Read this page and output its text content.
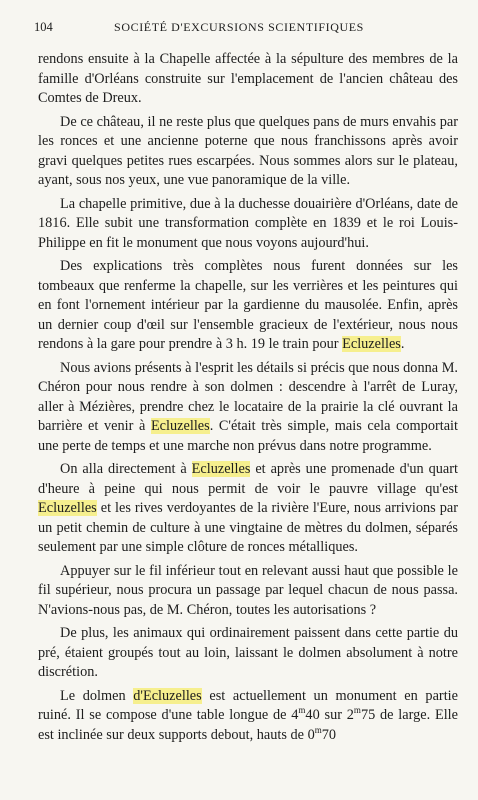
104	SOCIÉTÉ D'EXCURSIONS SCIENTIFIQUES

rendons ensuite à la Chapelle affectée à la sépulture des membres de la famille d'Orléans construite sur l'emplacement de l'ancien château des Comtes de Dreux.

De ce château, il ne reste plus que quelques pans de murs envahis par les ronces et une ancienne poterne que nous franchissons après avoir gravi quelques petites rues escarpées. Nous sommes alors sur le plateau, ayant, sous nos yeux, une vue panoramique de la ville.

La chapelle primitive, due à la duchesse douairière d'Orléans, date de 1816. Elle subit une transformation complète en 1839 et le roi Louis-Philippe en fit le monument que nous voyons aujourd'hui.

Des explications très complètes nous furent données sur les tombeaux que renferme la chapelle, sur les verrières et les peintures qui en font l'ornement intérieur par la gardienne du mausolée. Enfin, après un dernier coup d'œil sur l'ensemble gracieux de l'extérieur, nous nous rendons à la gare pour prendre à 3 h. 19 le train pour Ecluzelles.

Nous avions présents à l'esprit les détails si précis que nous donna M. Chéron pour nous rendre à son dolmen : descendre à l'arrêt de Luray, aller à Mézières, prendre chez le locataire de la prairie la clé ouvrant la barrière et venir à Ecluzelles. C'était très simple, mais cela comportait une perte de temps et une marche non prévus dans notre programme.

On alla directement à Ecluzelles et après une promenade d'un quart d'heure à peine qui nous permit de voir le pauvre village qu'est Ecluzelles et les rives verdoyantes de la rivière l'Eure, nous arrivions par un petit chemin de culture à une vingtaine de mètres du dolmen, séparés seulement par une simple clôture de ronces métalliques.

Appuyer sur le fil inférieur tout en relevant aussi haut que possible le fil supérieur, nous procura un passage par lequel chacun de nous passa. N'avions-nous pas, de M. Chéron, toutes les autorisations ?

De plus, les animaux qui ordinairement paissent dans cette partie du pré, étaient groupés tout au loin, laissant le dolmen absolument à notre discrétion.

Le dolmen d'Ecluzelles est actuellement un monument en partie ruiné. Il se compose d'une table longue de 4$^m$40 sur 2$^m$75 de large. Elle est inclinée sur deux supports debout, hauts de 0$^m$70
